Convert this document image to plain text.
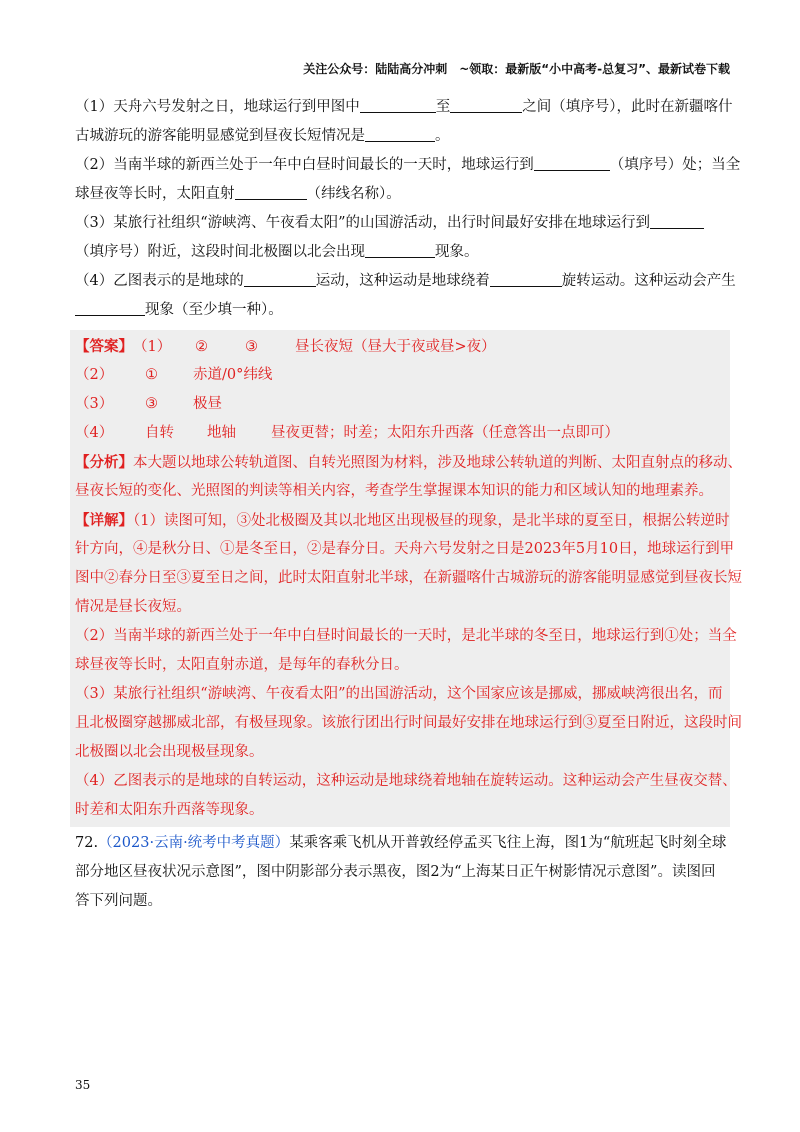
关注公众号：陆陆高分冲刺　~领取：最新版“小中高考-总复习”、最新试卷下载
（1）天舟六号发射之日，地球运行到甲图中	至	之间（填序号），此时在新疆喀什
古城游玩的游客能明显感觉到昼夜长短情况是	。
（2）当南半球的新西兰处于一年中白昼时间最长的一天时，地球运行到	（填序号）处；当全
球昼夜等长时，太阳直射	（纬线名称）。
（3）某旅行社组织“游峡湾、午夜看太阳”的山国游活动，出行时间最好安排在地球运行到
（填序号）附近，这段时间北极圈以北会出现	现象。
（4）乙图表示的是地球的	运动，这种运动是地球绕着	旋转运动。这种运动会产生
现象（至少填一种）。
【答案】（1） ②	③	昼长夜短（昼大于夜或昼>夜）
（2） ① 赤道/0°纬线
（3） ③ 极昼
（4） 自转 地轴 昼夜更替；时差；太阳东升西落（任意答出一点即可）
【分析】本大题以地球公转轨道图、自转光照图为材料，涉及地球公转轨道的判断、太阳直射点的移动、
昼夜长短的变化、光照图的判读等相关内容，考查学生掌握课本知识的能力和区域认知的地理素养。
【详解】（1）读图可知，③处北极圈及其以北地区出现极昼的现象，是北半球的夏至日，根据公转逆时
针方向，④是秋分日、①是冬至日，②是春分日。天舟六号发射之日是2023年5月10日，地球运行到甲
图中②春分日至③夏至日之间，此时太阳直射北半球，在新疆喀什古城游玩的游客能明显感觉到昼夜长短
情况是昼长夜短。
（2）当南半球的新西兰处于一年中白昼时间最长的一天时，是北半球的冬至日，地球运行到①处；当全
球昼夜等长时，太阳直射赤道，是每年的春秋分日。
（3）某旅行社组织“游峡湾、午夜看太阳”的出国游活动，这个国家应该是挪威，挪威峡湾很出名，而
且北极圈穿越挪威北部，有极昼现象。该旅行团出行时间最好安排在地球运行到③夏至日附近，这段时间
北极圈以北会出现极昼现象。
（4）乙图表示的是地球的自转运动，这种运动是地球绕着地轴在旋转运动。这种运动会产生昼夜交替、
时差和太阳东升西落等现象。
72.（2023·云南·统考中考真题）某乘客乘飞机从开普敦经停孟买飞往上海，图1为“航班起飞时刻全球
部分地区昼夜状况示意图”，图中阴影部分表示黑夜，图2为“上海某日正午树影情况示意图”。读图回
答下列问题。
35
